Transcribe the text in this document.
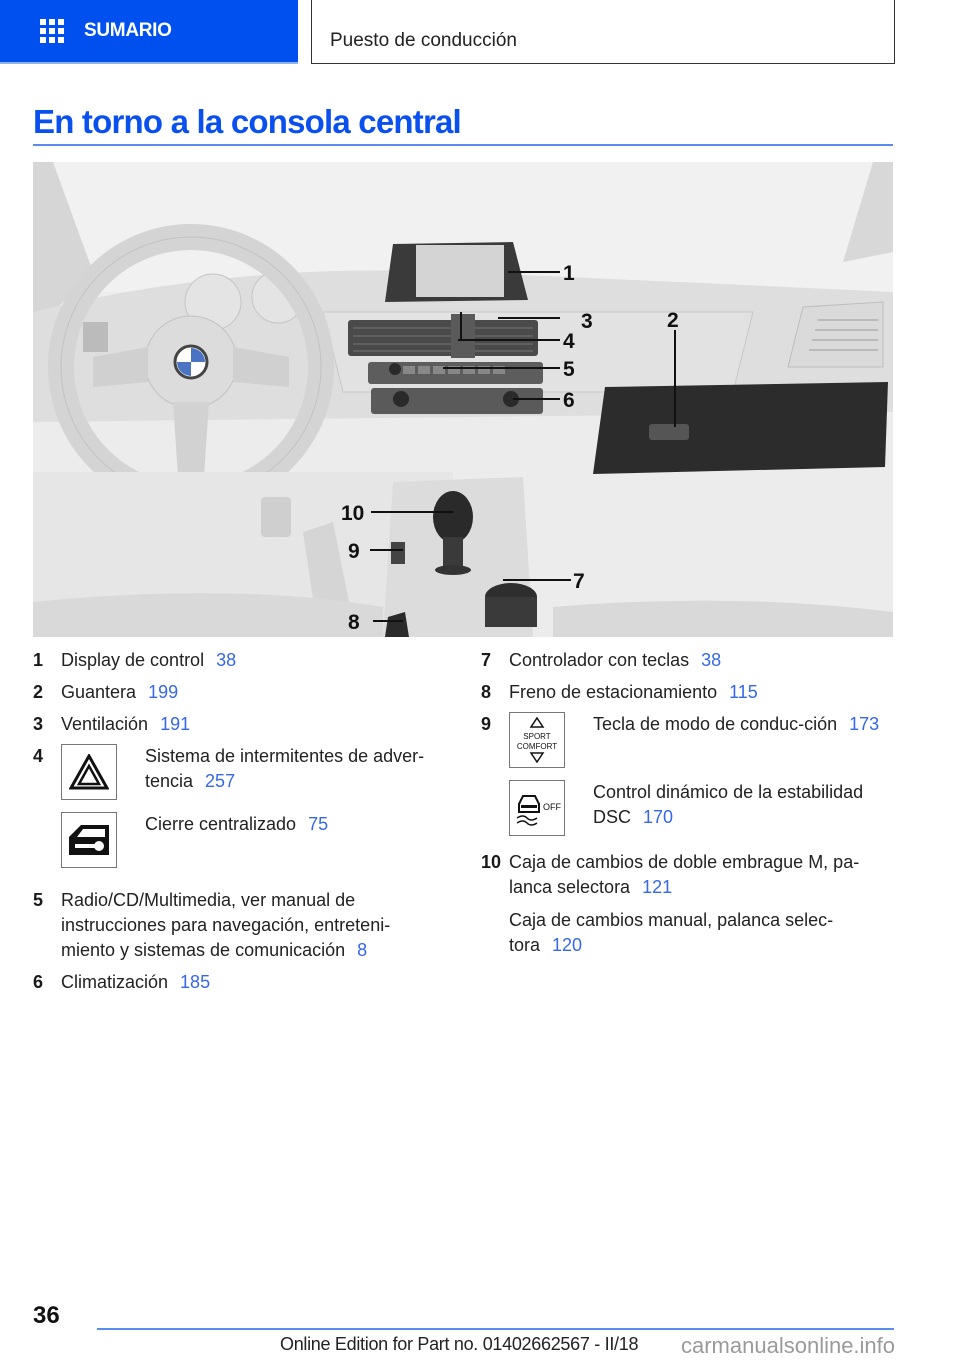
SUMARIO	Puesto de conducción
En torno a la consola central
1
3
4
5
6
2
7
8
9
10
1 Display de control 38
2 Guantera 199
3 Ventilación 191
4	Sistema de intermitentes de adver-tencia 257
Cierre centralizado 75
5 Radio/CD/Multimedia, ver manual de instrucciones para navegación, entreteni-miento y sistemas de comunicación 8
6 Climatización 185
7 Controlador con teclas 38
8 Freno de estacionamiento 115
9
SPORT
COMFORT
Tecla de modo de conduc-ción 173
OFF
Control dinámico de la estabilidad DSC 170
10 Caja de cambios de doble embrague M, pa-lanca selectora 121
Caja de cambios manual, palanca selec-tora 120
36
Online Edition for Part no. 01402662567 - II/18 carmanualsonline.info
